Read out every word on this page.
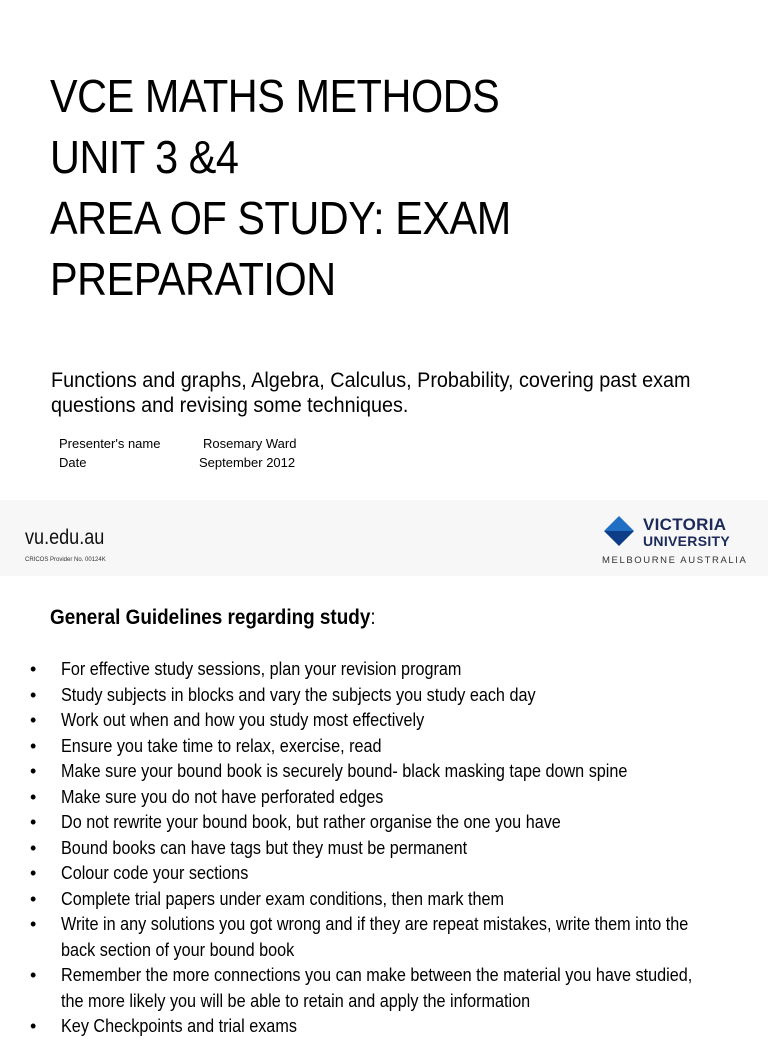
VCE MATHS METHODS
UNIT 3 &4
AREA OF STUDY: EXAM
PREPARATION

Functions and graphs, Algebra, Calculus, Probability, covering past exam questions and revising some techniques.

Presenter's name	Rosemary Ward
Date	September 2012
vu.edu.au
CRICOS Provider No. 00124K
VICTORIA
UNIVERSITY
MELBOURNE AUSTRALIA
General Guidelines regarding study:
• For effective study sessions, plan your revision program
• Study subjects in blocks and vary the subjects you study each day
• Work out when and how you study most effectively
• Ensure you take time to relax, exercise, read
• Make sure your bound book is securely bound- black masking tape down spine
• Make sure you do not have perforated edges
• Do not rewrite your bound book, but rather organise the one you have
• Bound books can have tags but they must be permanent
• Colour code your sections
• Complete trial papers under exam conditions, then mark them
• Write in any solutions you got wrong and if they are repeat mistakes, write them into the back section of your bound book
• Remember the more connections you can make between the material you have studied, the more likely you will be able to retain and apply the information
• Key Checkpoints and trial exams
